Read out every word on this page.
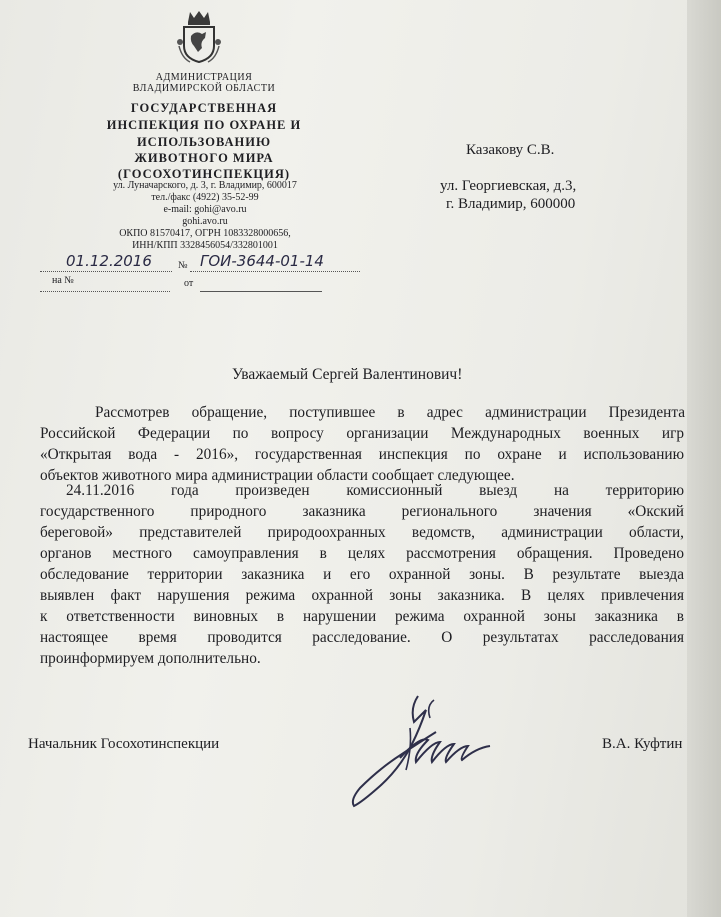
АДМИНИСТРАЦИЯ
ВЛАДИМИРСКОЙ ОБЛАСТИ
ГОСУДАРСТВЕННАЯ
ИНСПЕКЦИЯ ПО ОХРАНЕ И
ИСПОЛЬЗОВАНИЮ
ЖИВОТНОГО МИРА
(ГОСОХОТИНСПЕКЦИЯ)
ул. Луначарского, д. 3, г. Владимир, 600017
тел./факс (4922) 35-52-99
e-mail: gohi@avo.ru
gohi.avo.ru
ОКПО 81570417, ОГРН 1083328000656,
ИНН/КПП 3328456054/332801001
01.12.2016	№ ГОИ-3644-01-14
на №	от
Казакову С.В.
ул. Георгиевская, д.3,
г. Владимир, 600000
Уважаемый Сергей Валентинович!
Рассмотрев обращение, поступившее в адрес администрации Президента
Российской Федерации по вопросу организации Международных военных игр
«Открытая вода - 2016», государственная инспекция по охране и использованию
объектов животного мира администрации области сообщает следующее.
24.11.2016 года произведен комиссионный выезд на территорию
государственного природного заказника регионального значения «Окский
береговой» представителей природоохранных ведомств, администрации области,
органов местного самоуправления в целях рассмотрения обращения. Проведено
обследование территории заказника и его охранной зоны. В результате выезда
выявлен факт нарушения режима охранной зоны заказника. В целях привлечения
к ответственности виновных в нарушении режима охранной зоны заказника в
настоящее время проводится расследование. О результатах расследования
проинформируем дополнительно.
Начальник Госохотинспекции	В.А. Куфтин
